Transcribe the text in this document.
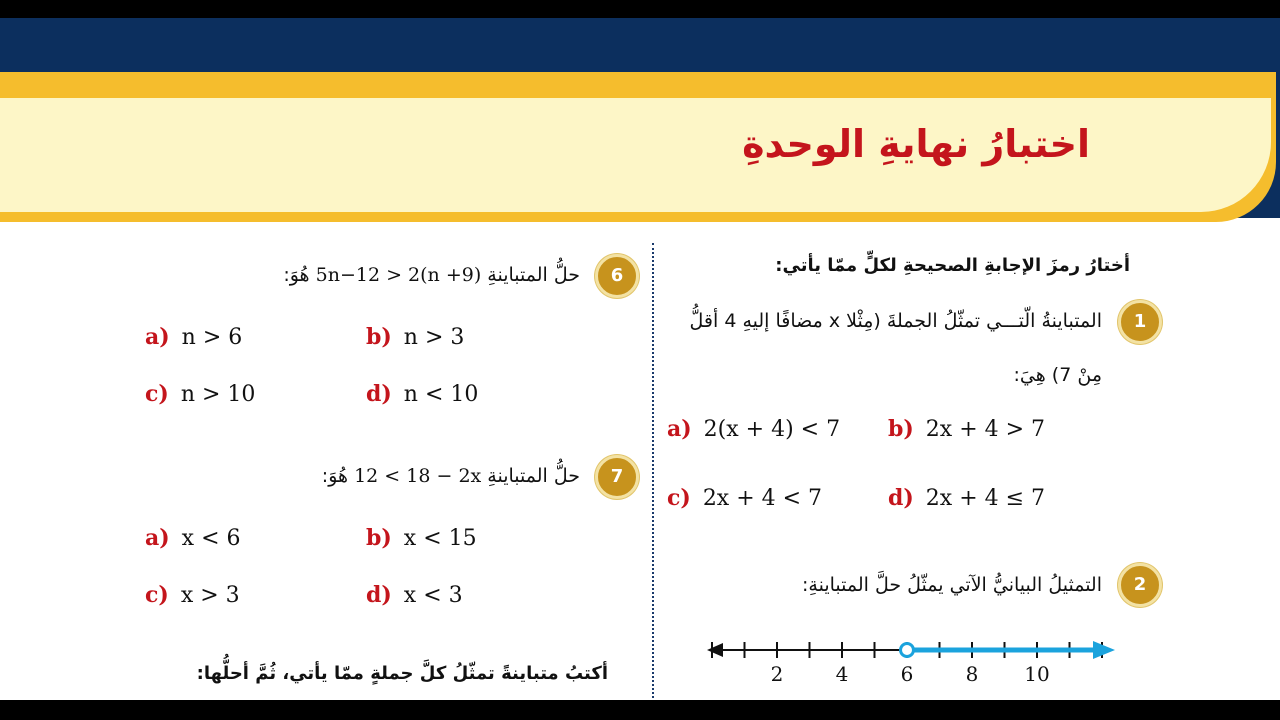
اختبارُ نهايةِ الوحدةِ
أختارُ رمزَ الإجابةِ الصحيحةِ لكلٍّ ممّا يأتي:
1
المتباينةُ الّتـــي تمثّلُ الجملةَ (مِثْلا x مضافًا إليهِ 4 أقلُّ
مِنْ 7) هِيَ:
a) 2(x + 4) < 7 b) 2x + 4 > 7
c) 2x + 4 < 7	d) 2x + 4 ≤ 7
2
التمثيلُ البيانيُّ الآتي يمثّلُ حلَّ المتباينةِ:
2	4	6	8 10
6
حلُّ المتباينةِ 5n−12 > 2(n +9) هُوَ:
a) n > 6	b) n > 3
c) n > 10	d) n < 10
7
حلُّ المتباينةِ 12 < 18 − 2x هُوَ:
a) x < 6	b) x < 15
c) x > 3	d) x < 3
أكتبُ متباينةً تمثّلُ كلَّ جملةٍ ممّا يأتي، ثُمَّ أحلُّها:
